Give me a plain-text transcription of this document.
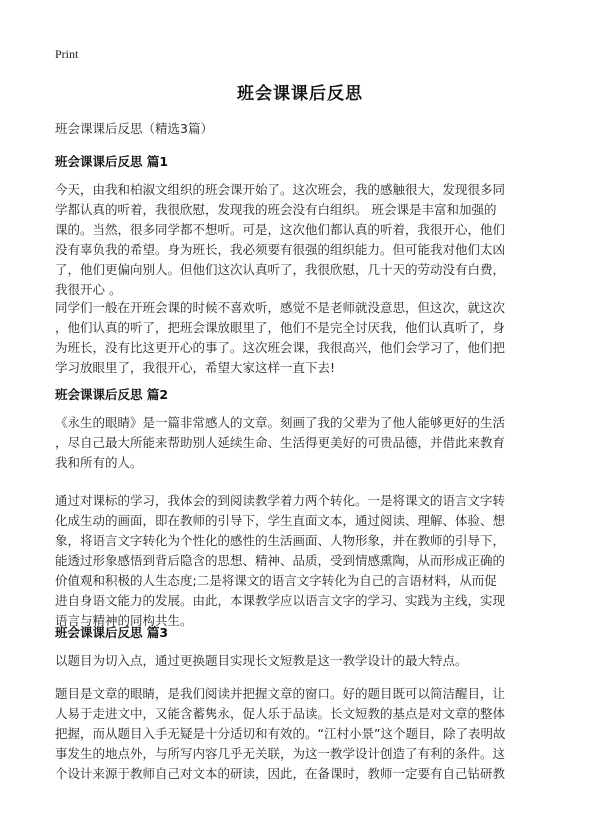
Print
班会课课后反思
班会课课后反思（精选3篇）
班会课课后反思 篇1
今天，由我和柏淑文组织的班会课开始了。这次班会，我的感触很大，发现很多同
学都认真的听着，我很欣慰，发现我的班会没有白组织。 班会课是丰富和加强的
课的。当然，很多同学都不想听。可是，这次他们都认真的听着，我很开心，他们
没有辜负我的希望。身为班长，我必须要有很强的组织能力。但可能我对他们太凶
了，他们更偏向别人。但他们这次认真听了，我很欣慰，几十天的劳动没有白费，
我很开心 。
同学们一般在开班会课的时候不喜欢听，感觉不是老师就没意思，但这次，就这次
，他们认真的听了，把班会课放眼里了，他们不是完全讨厌我，他们认真听了，身
为班长，没有比这更开心的事了。这次班会课，我很高兴，他们会学习了，他们把
学习放眼里了，我很开心，希望大家这样一直下去!
班会课课后反思 篇2
《永生的眼睛》是一篇非常感人的文章。刻画了我的父辈为了他人能够更好的生活
，尽自己最大所能来帮助别人延续生命、生活得更美好的可贵品德，并借此来教育
我和所有的人。
通过对课标的学习，我体会的到阅读教学着力两个转化。一是将课文的语言文字转
化成生动的画面，即在教师的引导下，学生直面文本，通过阅读、理解、体验、想
象，将语言文字转化为个性化的感性的生活画面、人物形象，并在教师的引导下，
能透过形象感悟到背后隐含的思想、精神、品质，受到情感熏陶，从而形成正确的
价值观和积极的人生态度;二是将课文的语言文字转化为自己的言语材料，从而促
进自身语文能力的发展。由此，本课教学应以语言文字的学习、实践为主线，实现
语言与精神的同构共生。
班会课课后反思 篇3
以题目为切入点，通过更换题目实现长文短教是这一教学设计的最大特点。
题目是文章的眼睛，是我们阅读并把握文章的窗口。好的题目既可以简洁醒目，让
人易于走进文中，又能含蓄隽永，促人乐于品读。长文短教的基点是对文章的整体
把握，而从题目入手无疑是十分适切和有效的。“江村小景”这个题目，除了表明故
事发生的地点外，与所写内容几乎无关联，为这一教学设计创造了有利的条件。这
个设计来源于教师自己对文本的研读，因此，在备课时，教师一定要有自己钻研教
